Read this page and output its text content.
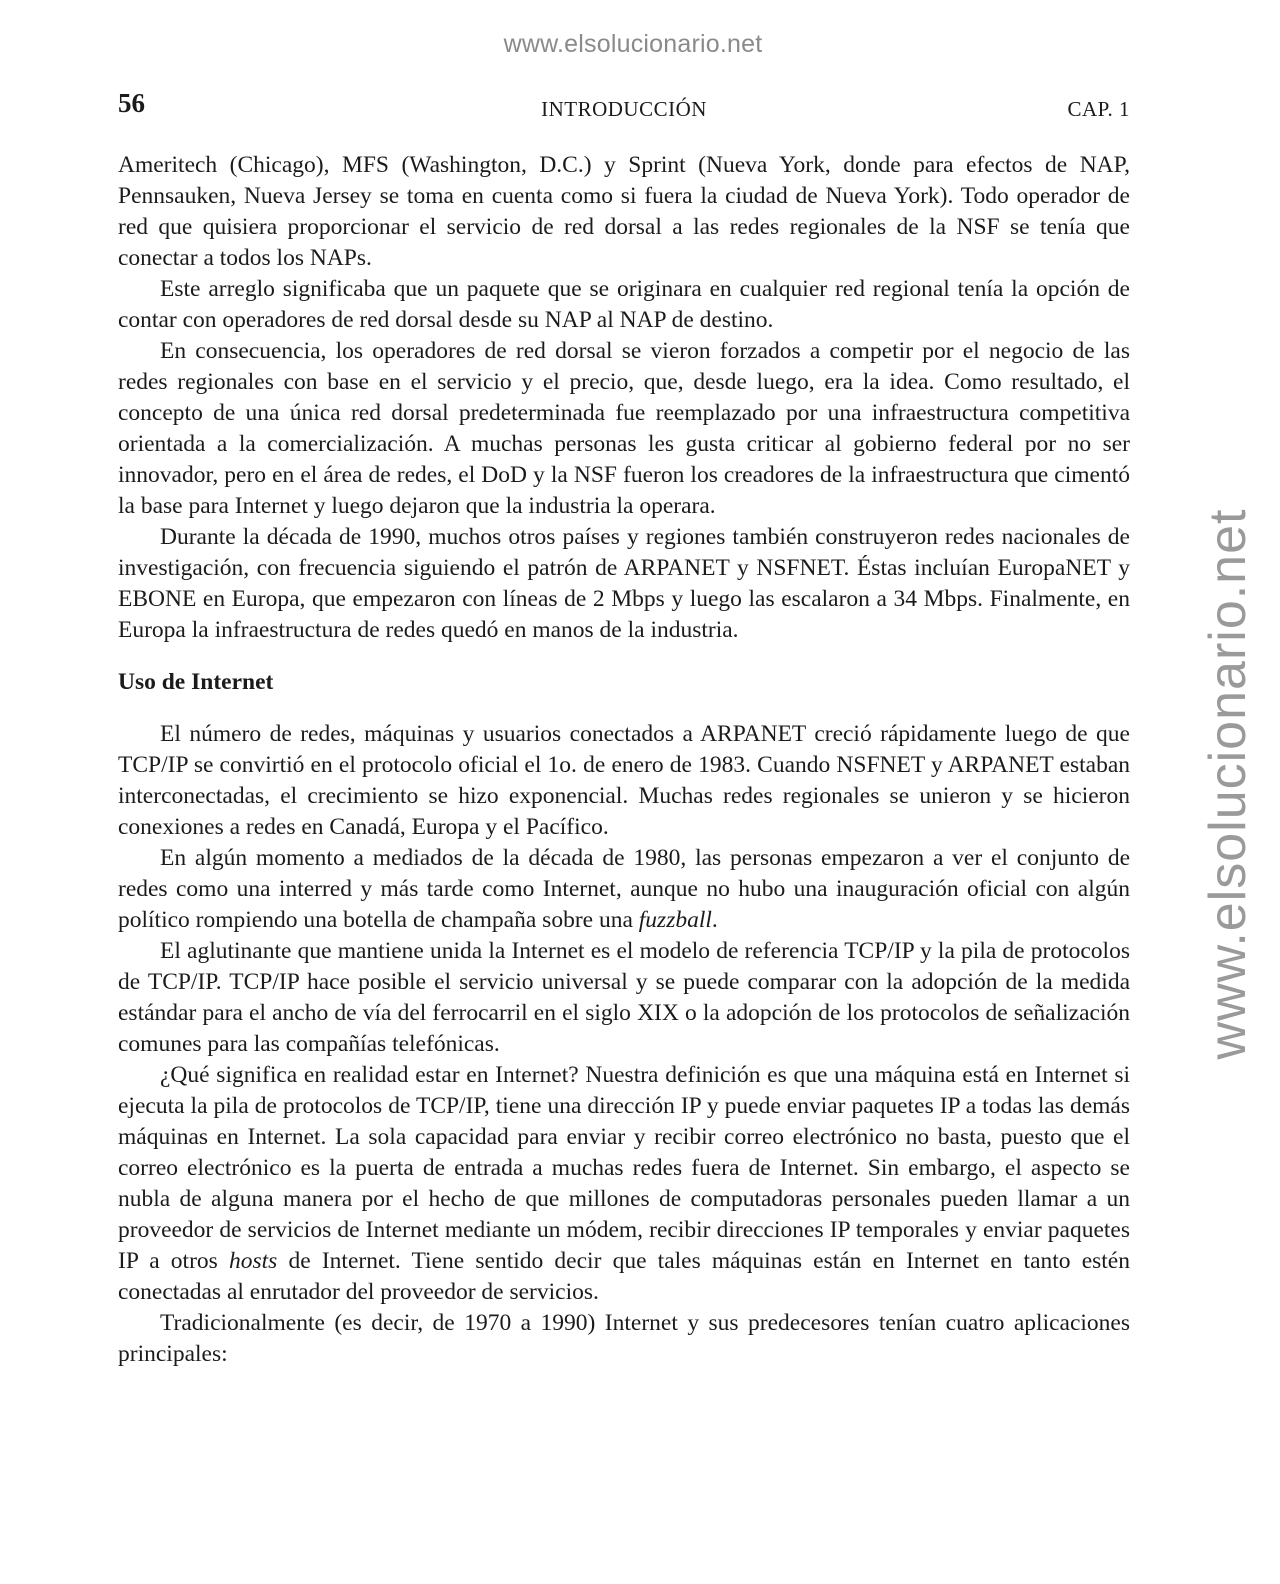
www.elsolucionario.net
www.elsolucionario.net
56	INTRODUCCIÓN	CAP. 1

Ameritech (Chicago), MFS (Washington, D.C.) y Sprint (Nueva York, donde para efectos de NAP, Pennsauken, Nueva Jersey se toma en cuenta como si fuera la ciudad de Nueva York). Todo operador de red que quisiera proporcionar el servicio de red dorsal a las redes regionales de la NSF se tenía que conectar a todos los NAPs.

Este arreglo significaba que un paquete que se originara en cualquier red regional tenía la opción de contar con operadores de red dorsal desde su NAP al NAP de destino.

En consecuencia, los operadores de red dorsal se vieron forzados a competir por el negocio de las redes regionales con base en el servicio y el precio, que, desde luego, era la idea. Como resultado, el concepto de una única red dorsal predeterminada fue reemplazado por una infraestructura competitiva orientada a la comercialización. A muchas personas les gusta criticar al gobierno federal por no ser innovador, pero en el área de redes, el DoD y la NSF fueron los creadores de la infraestructura que cimentó la base para Internet y luego dejaron que la industria la operara.

Durante la década de 1990, muchos otros países y regiones también construyeron redes nacionales de investigación, con frecuencia siguiendo el patrón de ARPANET y NSFNET. Éstas incluían EuropaNET y EBONE en Europa, que empezaron con líneas de 2 Mbps y luego las escalaron a 34 Mbps. Finalmente, en Europa la infraestructura de redes quedó en manos de la industria.

Uso de Internet

El número de redes, máquinas y usuarios conectados a ARPANET creció rápidamente luego de que TCP/IP se convirtió en el protocolo oficial el 1o. de enero de 1983. Cuando NSFNET y ARPANET estaban interconectadas, el crecimiento se hizo exponencial. Muchas redes regionales se unieron y se hicieron conexiones a redes en Canadá, Europa y el Pacífico.

En algún momento a mediados de la década de 1980, las personas empezaron a ver el conjunto de redes como una interred y más tarde como Internet, aunque no hubo una inauguración oficial con algún político rompiendo una botella de champaña sobre una fuzzball.

El aglutinante que mantiene unida la Internet es el modelo de referencia TCP/IP y la pila de protocolos de TCP/IP. TCP/IP hace posible el servicio universal y se puede comparar con la adopción de la medida estándar para el ancho de vía del ferrocarril en el siglo XIX o la adopción de los protocolos de señalización comunes para las compañías telefónicas.

¿Qué significa en realidad estar en Internet? Nuestra definición es que una máquina está en Internet si ejecuta la pila de protocolos de TCP/IP, tiene una dirección IP y puede enviar paquetes IP a todas las demás máquinas en Internet. La sola capacidad para enviar y recibir correo electrónico no basta, puesto que el correo electrónico es la puerta de entrada a muchas redes fuera de Internet. Sin embargo, el aspecto se nubla de alguna manera por el hecho de que millones de computadoras personales pueden llamar a un proveedor de servicios de Internet mediante un módem, recibir direcciones IP temporales y enviar paquetes IP a otros hosts de Internet. Tiene sentido decir que tales máquinas están en Internet en tanto estén conectadas al enrutador del proveedor de servicios.

Tradicionalmente (es decir, de 1970 a 1990) Internet y sus predecesores tenían cuatro aplicaciones principales:
